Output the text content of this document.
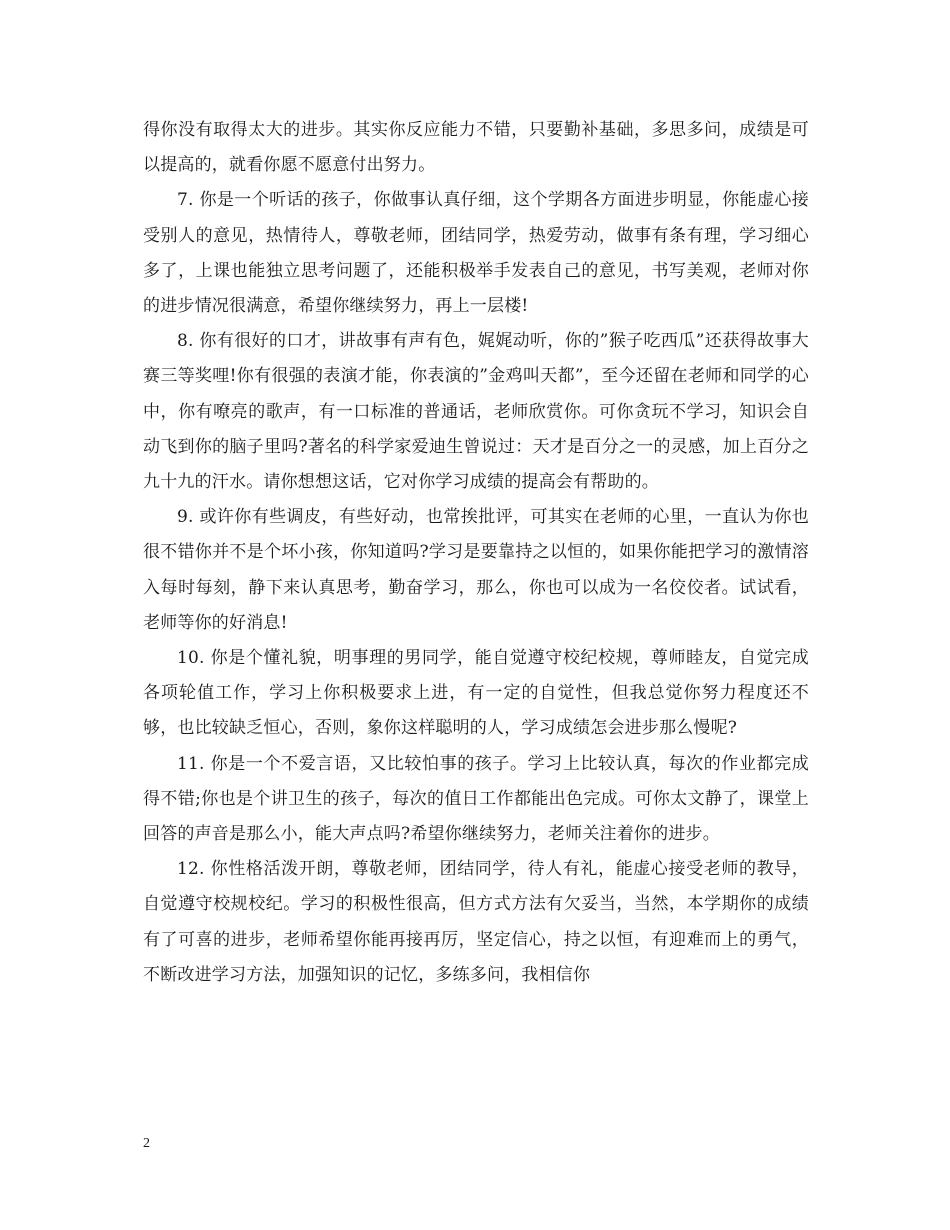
得你没有取得太大的进步。其实你反应能力不错，只要勤补基础，多思多问，成绩是可以提高的，就看你愿不愿意付出努力。

7. 你是一个听话的孩子，你做事认真仔细，这个学期各方面进步明显，你能虚心接受别人的意见，热情待人，尊敬老师，团结同学，热爱劳动，做事有条有理，学习细心多了，上课也能独立思考问题了，还能积极举手发表自己的意见，书写美观，老师对你的进步情况很满意，希望你继续努力，再上一层楼!

8. 你有很好的口才，讲故事有声有色，娓娓动听，你的”猴子吃西瓜”还获得故事大赛三等奖哩!你有很强的表演才能，你表演的”金鸡叫天都”，至今还留在老师和同学的心中，你有嘹亮的歌声，有一口标准的普通话，老师欣赏你。可你贪玩不学习，知识会自动飞到你的脑子里吗?著名的科学家爱迪生曾说过：天才是百分之一的灵感，加上百分之九十九的汗水。请你想想这话，它对你学习成绩的提高会有帮助的。

9. 或许你有些调皮，有些好动，也常挨批评，可其实在老师的心里，一直认为你也很不错你并不是个坏小孩，你知道吗?学习是要靠持之以恒的，如果你能把学习的激情溶入每时每刻，静下来认真思考，勤奋学习，那么，你也可以成为一名佼佼者。试试看，老师等你的好消息!

10. 你是个懂礼貌，明事理的男同学，能自觉遵守校纪校规，尊师睦友，自觉完成各项轮值工作，学习上你积极要求上进，有一定的自觉性，但我总觉你努力程度还不够，也比较缺乏恒心，否则，象你这样聪明的人，学习成绩怎会进步那么慢呢?

11. 你是一个不爱言语，又比较怕事的孩子。学习上比较认真，每次的作业都完成得不错;你也是个讲卫生的孩子，每次的值日工作都能出色完成。可你太文静了，课堂上回答的声音是那么小，能大声点吗?希望你继续努力，老师关注着你的进步。

12. 你性格活泼开朗，尊敬老师，团结同学，待人有礼，能虚心接受老师的教导，自觉遵守校规校纪。学习的积极性很高，但方式方法有欠妥当，当然，本学期你的成绩有了可喜的进步，老师希望你能再接再厉，坚定信心，持之以恒，有迎难而上的勇气，不断改进学习方法，加强知识的记忆，多练多问，我相信你

2
